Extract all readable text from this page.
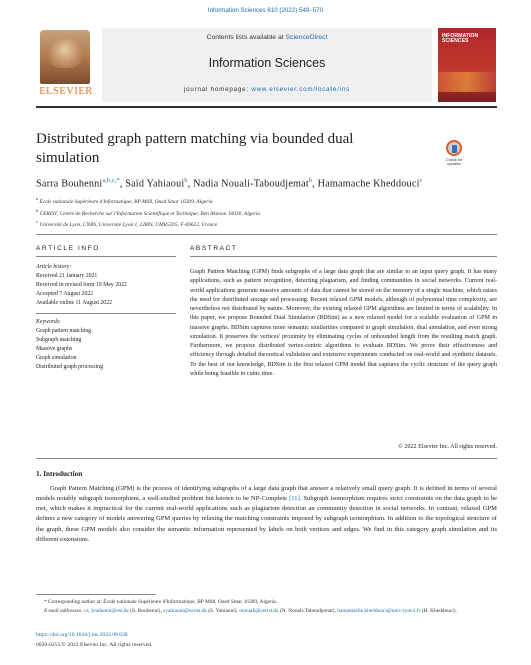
Information Sciences 610 (2022) 549–570
ELSEVIER
Contents lists available at ScienceDirect
Information Sciences
journal homepage: www.elsevier.com/locate/ins
INFORMATION
SCIENCES
Distributed graph pattern matching via bounded dual simulation	Check for updates
Sarra Bouhenni$^{a,b,c,*}$, Saïd Yahiaoui$^b$, Nadia Nouali-Taboudjemat$^b$, Hamamache Kheddouci$^c$
$^a$ École nationale Supérieure d'Informatique, BP M68, Oued Smar 16309, Algeria
$^b$ CERIST, Centre de Recherche sur l'Information Scientifique et Technique, Ben Aknoun 16030, Algeria
$^c$ Université de Lyon, CNRS, Université Lyon 1, LIRIS, UMR5205, F-69622, France
ARTICLE INFO	ABSTRACT
Article history:
Received 21 January 2021
Received in revised form 19 May 2022
Accepted 7 August 2022
Available online 11 August 2022
Keywords:
Graph pattern matching
Subgraph matching
Massive graphs
Graph simulation
Distributed graph processing
Graph Pattern Matching (GPM) finds subgraphs of a large data graph that are similar to an input query graph. It has many applications, such as pattern recognition, detecting plagiarism, and finding communities in social networks. Current real-world applications generate massive amounts of data that cannot be stored on the memory of a single machine, which raises the need for distributed storage and processing. Recent relaxed GPM models, although of polynomial time complexity, are nevertheless not distributed by nature. Moreover, the existing relaxed GPM algorithms are limited in terms of scalability. In this paper, we propose Bounded Dual Simulation (BDSim) as a new relaxed model for a scalable evaluation of GPM in massive graphs. BDSim captures more semantic similarities compared to graph simulation, dual simulation, and even strong simulation. It preserves the vertices' proximity by eliminating cycles of unbounded length from the resulting match graph. Furthermore, we propose distributed vertex-centric algorithms to evaluate BDSim. We prove their effectiveness and efficiency through detailed theoretical validation and extensive experiments conducted on real-world and synthetic datasets. To the best of our knowledge, BDSim is the first relaxed GPM model that captures the cyclic structure of the query graph while being feasible in cubic time.
© 2022 Elsevier Inc. All rights reserved.
1. Introduction
Graph Pattern Matching (GPM) is the process of identifying subgraphs of a large data graph that answer a relatively small query graph. It is defined in terms of several models notably subgraph isomorphism, a well-studied problem but known to be NP-Complete [11]. Subgraph isomorphism requires strict constraints on the data graph to be met, which makes it impractical for the current real-world applications such as plagiarism detection an community detection in social networks. In contrast, relaxed GPM defines a new category of models answering GPM queries by relaxing the matching constraints imposed by subgraph isomorphism. In addition to the topological structure of the graph, these GPM models also consider the semantic information represented by labels on both vertices and edges. We find in this category graph simulation and its different extensions.
* Corresponding author at: École nationale Supérieure d'Informatique, BP M68, Oued Smar 16309, Algeria.
E-mail addresses: cs_bouhenni@esi.dz (S. Bouhenni), syahiaoui@cerist.dz (S. Yahiaoui), nnouali@cerist.dz (N. Nouali-Taboudjemat), hamamache.kheddouci@univ-lyon1.fr (H. Kheddouci).
https://doi.org/10.1016/j.ins.2022.08.038
0020-0255/© 2022 Elsevier Inc. All rights reserved.
